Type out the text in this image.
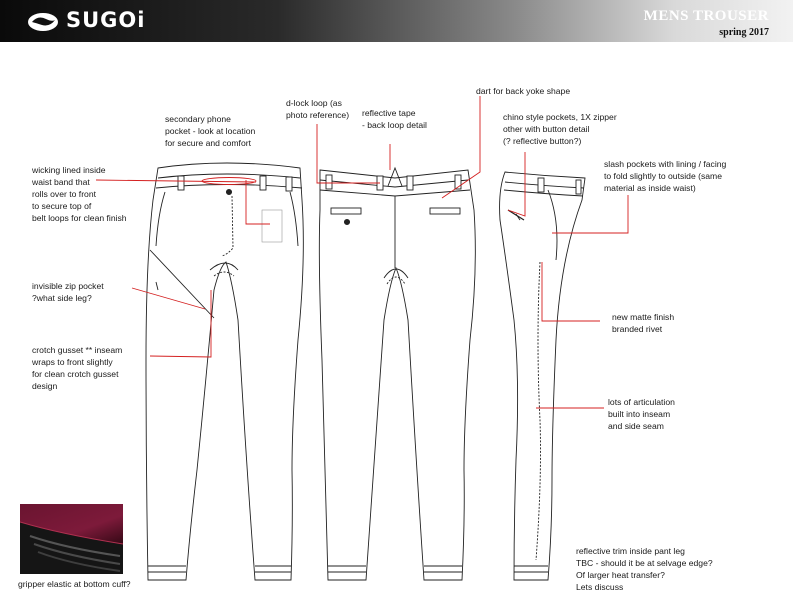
SUGOi	MENS TROUSER
spring 2017
wicking lined inside
waist band that
rolls over to front
to secure top of
belt loops for clean finish
invisible zip pocket
?what side leg?
crotch gusset ** inseam
wraps to front slightly
for clean crotch gusset
design
secondary phone
pocket - look at location
for secure and comfort
d-lock loop (as
photo reference) reflective tape
- back loop detail
dart for back yoke shape
chino style pockets, 1X zipper
other with button detail
(? reflective button?)
slash pockets with lining / facing
to fold slightly to outside (same
material as inside waist)
new matte finish
branded rivet
lots of articulation
built into inseam
and side seam
reflective trim inside pant leg
TBC - should it be at selvage edge?
Of larger heat transfer?
Lets discuss
gripper elastic at bottom cuff?
